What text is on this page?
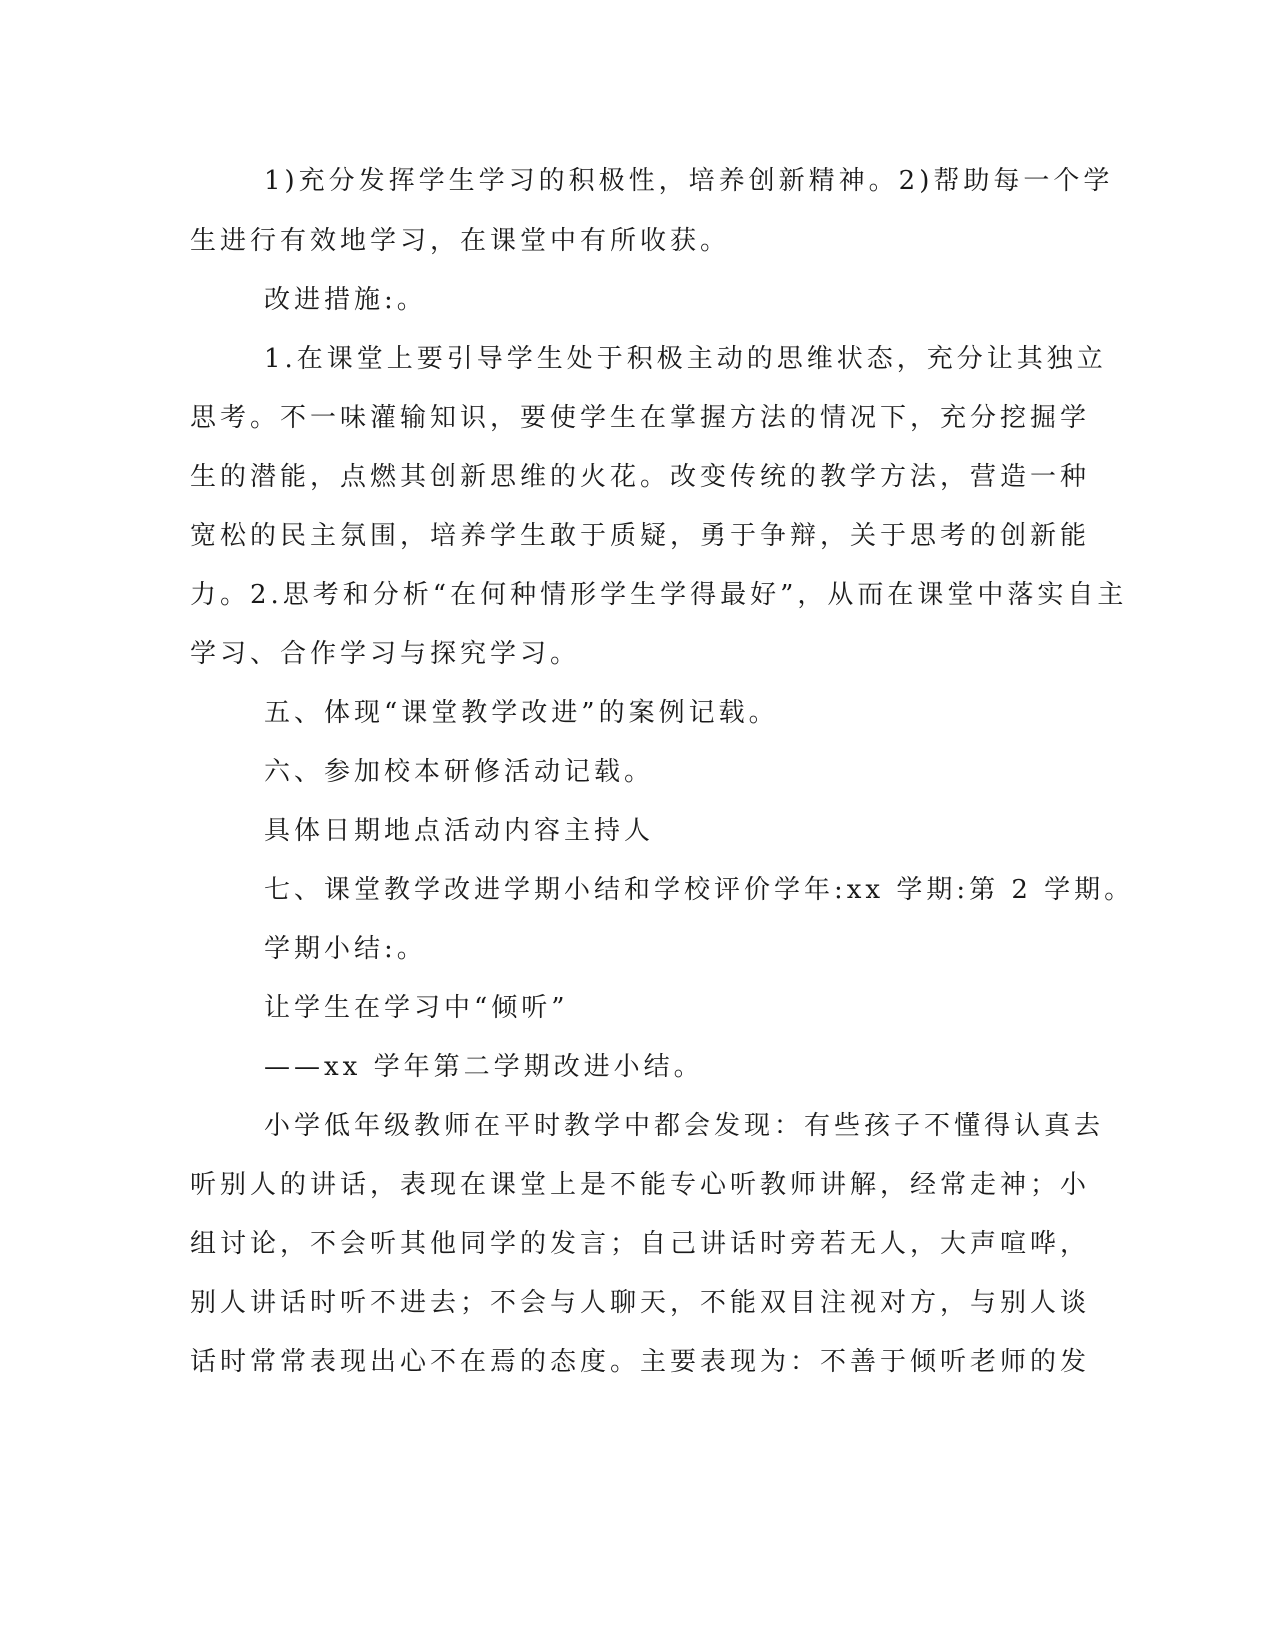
1)充分发挥学生学习的积极性，培养创新精神。2)帮助每一个学
生进行有效地学习，在课堂中有所收获。
改进措施:。
1.在课堂上要引导学生处于积极主动的思维状态，充分让其独立
思考。不一味灌输知识，要使学生在掌握方法的情况下，充分挖掘学
生的潜能，点燃其创新思维的火花。改变传统的教学方法，营造一种
宽松的民主氛围，培养学生敢于质疑，勇于争辩，关于思考的创新能
力。2.思考和分析“在何种情形学生学得最好”，从而在课堂中落实自主
学习、合作学习与探究学习。
五、体现“课堂教学改进”的案例记载。
六、参加校本研修活动记载。
具体日期地点活动内容主持人
七、课堂教学改进学期小结和学校评价学年:xx 学期:第 2 学期。
学期小结:。
让学生在学习中“倾听”
——xx 学年第二学期改进小结。
小学低年级教师在平时教学中都会发现：有些孩子不懂得认真去
听别人的讲话，表现在课堂上是不能专心听教师讲解，经常走神；小
组讨论，不会听其他同学的发言；自己讲话时旁若无人，大声喧哗，
别人讲话时听不进去；不会与人聊天，不能双目注视对方，与别人谈
话时常常表现出心不在焉的态度。主要表现为：不善于倾听老师的发
